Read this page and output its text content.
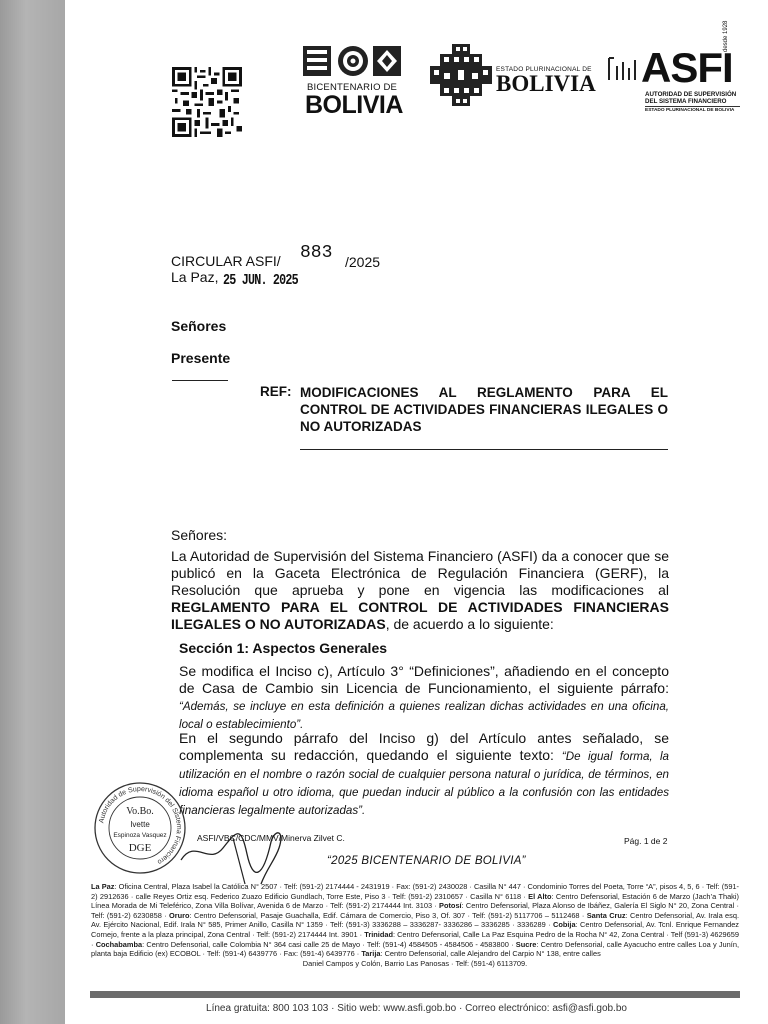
BICENTENARIO DE
BOLIVIA
ESTADO PLURINACIONAL DE
BOLIVIA ASFI
desde 1928
AUTORIDAD DE SUPERVISIÓN
DEL SISTEMA FINANCIERO
ESTADO PLURINACIONAL DE BOLIVIA
CIRCULAR ASFI/ 883 /2025
La Paz, 25 JUN. 2025
Señores
Presente
REF: MODIFICACIONES AL REGLAMENTO PARA EL CONTROL DE ACTIVIDADES FINANCIERAS ILEGALES O NO AUTORIZADAS
Señores:
La Autoridad de Supervisión del Sistema Financiero (ASFI) da a conocer que se publicó en la Gaceta Electrónica de Regulación Financiera (GERF), la Resolución que aprueba y pone en vigencia las modificaciones al REGLAMENTO PARA EL CONTROL DE ACTIVIDADES FINANCIERAS ILEGALES O NO AUTORIZADAS, de acuerdo a lo siguiente:
Sección 1: Aspectos Generales
Se modifica el Inciso c), Artículo 3° “Definiciones”, añadiendo en el concepto de Casa de Cambio sin Licencia de Funcionamiento, el siguiente párrafo: “Además, se incluye en esta definición a quienes realizan dichas actividades en una oficina, local o establecimiento”.
En el segundo párrafo del Inciso g) del Artículo antes señalado, se complementa su redacción, quedando el siguiente texto: “De igual forma, la utilización en el nombre o razón social de cualquier persona natural o jurídica, de términos, en idioma español u otro idioma, que puedan inducir al público a la confusión con las entidades financieras legalmente autorizadas”.
Autoridad de Supervisión del Sistema Financiero
Vo.Bo.
Ivette
Espinoza Vasquez
DGE
ASFI/VBC/CDC/MMV/Minerva Zilvet C.	Pág. 1 de 2
“2025 BICENTENARIO DE BOLIVIA”
La Paz: Oficina Central, Plaza Isabel la Católica N° 2507 · Telf: (591-2) 2174444 - 2431919 · Fax: (591-2) 2430028 · Casilla N° 447 · Condominio Torres del Poeta, Torre “A”, pisos 4, 5, 6 · Telf: (591-2) 2912636 · calle Reyes Ortiz esq. Federico Zuazo Edificio Gundlach, Torre Este, Piso 3 · Telf: (591-2) 2310657 · Casilla N° 6118 · El Alto: Centro Defensorial, Estación 6 de Marzo (Jach’a Thaki) Línea Morada de Mi Teleférico, Zona Villa Bolívar, Avenida 6 de Marzo · Telf: (591-2) 2174444 Int. 3103 · Potosí: Centro Defensorial, Plaza Alonso de Ibáñez, Galería El Siglo N° 20, Zona Central · Telf: (591-2) 6230858 · Oruro: Centro Defensorial, Pasaje Guachalla, Edif. Cámara de Comercio, Piso 3, Of. 307 · Telf: (591-2) 5117706 – 5112468 · Santa Cruz: Centro Defensorial, Av. Irala esq. Av. Ejército Nacional, Edif. Irala N° 585, Primer Anillo, Casilla N° 1359 · Telf: (591-3) 3336288 – 3336287- 3336286 – 3336285 · 3336289 · Cobija: Centro Defensorial, Av. Tcnl. Enrique Fernandez Cornejo, frente a la plaza principal, Zona Central · Telf: (591-2) 2174444 Int. 3901 · Trinidad: Centro Defensorial, Calle La Paz Esquina Pedro de la Rocha N° 42, Zona Central · Telf (591-3) 4629659 · Cochabamba: Centro Defensorial, calle Colombia N° 364 casi calle 25 de Mayo · Telf: (591-4) 4584505 - 4584506 - 4583800 · Sucre: Centro Defensorial, calle Ayacucho entre calles Loa y Junín, planta baja Edificio (ex) ECOBOL · Telf: (591-4) 6439776 · Fax: (591-4) 6439776 · Tarija: Centro Defensorial, calle Alejandro del Carpio N° 138, entre calles
Daniel Campos y Colón, Barrio Las Panosas · Telf: (591-4) 6113709.
Línea gratuita: 800 103 103 · Sitio web: www.asfi.gob.bo · Correo electrónico: asfi@asfi.gob.bo
